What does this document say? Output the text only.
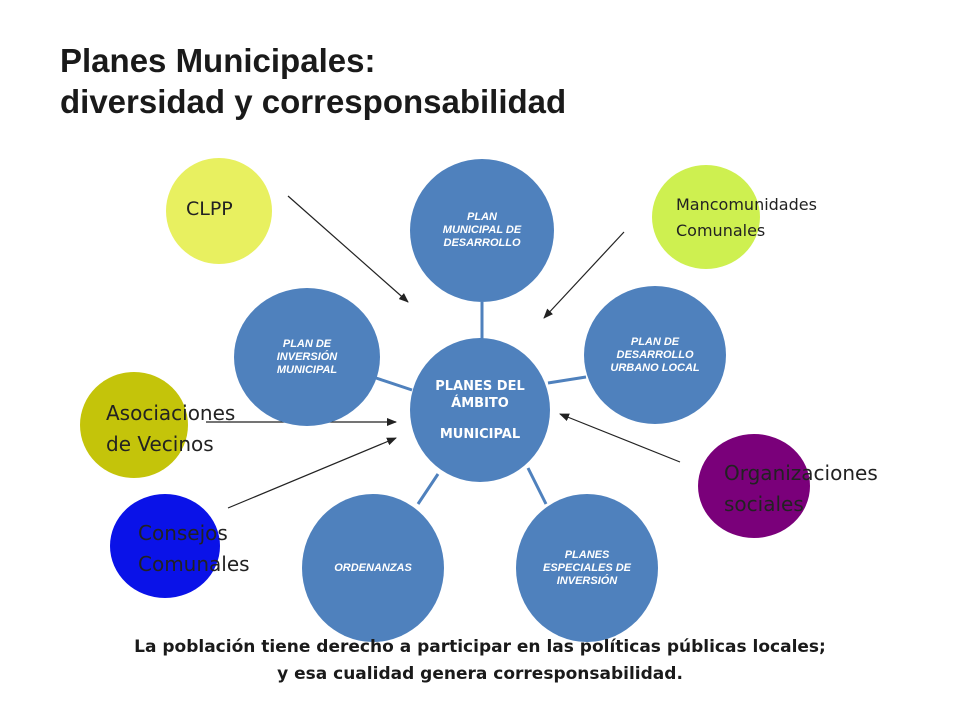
Planes Municipales:
diversidad y corresponsabilidad
PLANES DEL ÁMBITO
MUNICIPAL
PLAN MUNICIPAL DE DESARROLLO
PLAN DE DESARROLLO URBANO LOCAL
PLANES ESPECIALES DE INVERSIÓN
ORDENANZAS
PLAN DE INVERSIÓN MUNICIPAL
CLPP	Mancomunidades Comunales
Asociaciones de Vecinos
Consejos Comunales
Organizaciones sociales
La población tiene derecho a participar en las políticas públicas locales;
y esa cualidad genera corresponsabilidad.
